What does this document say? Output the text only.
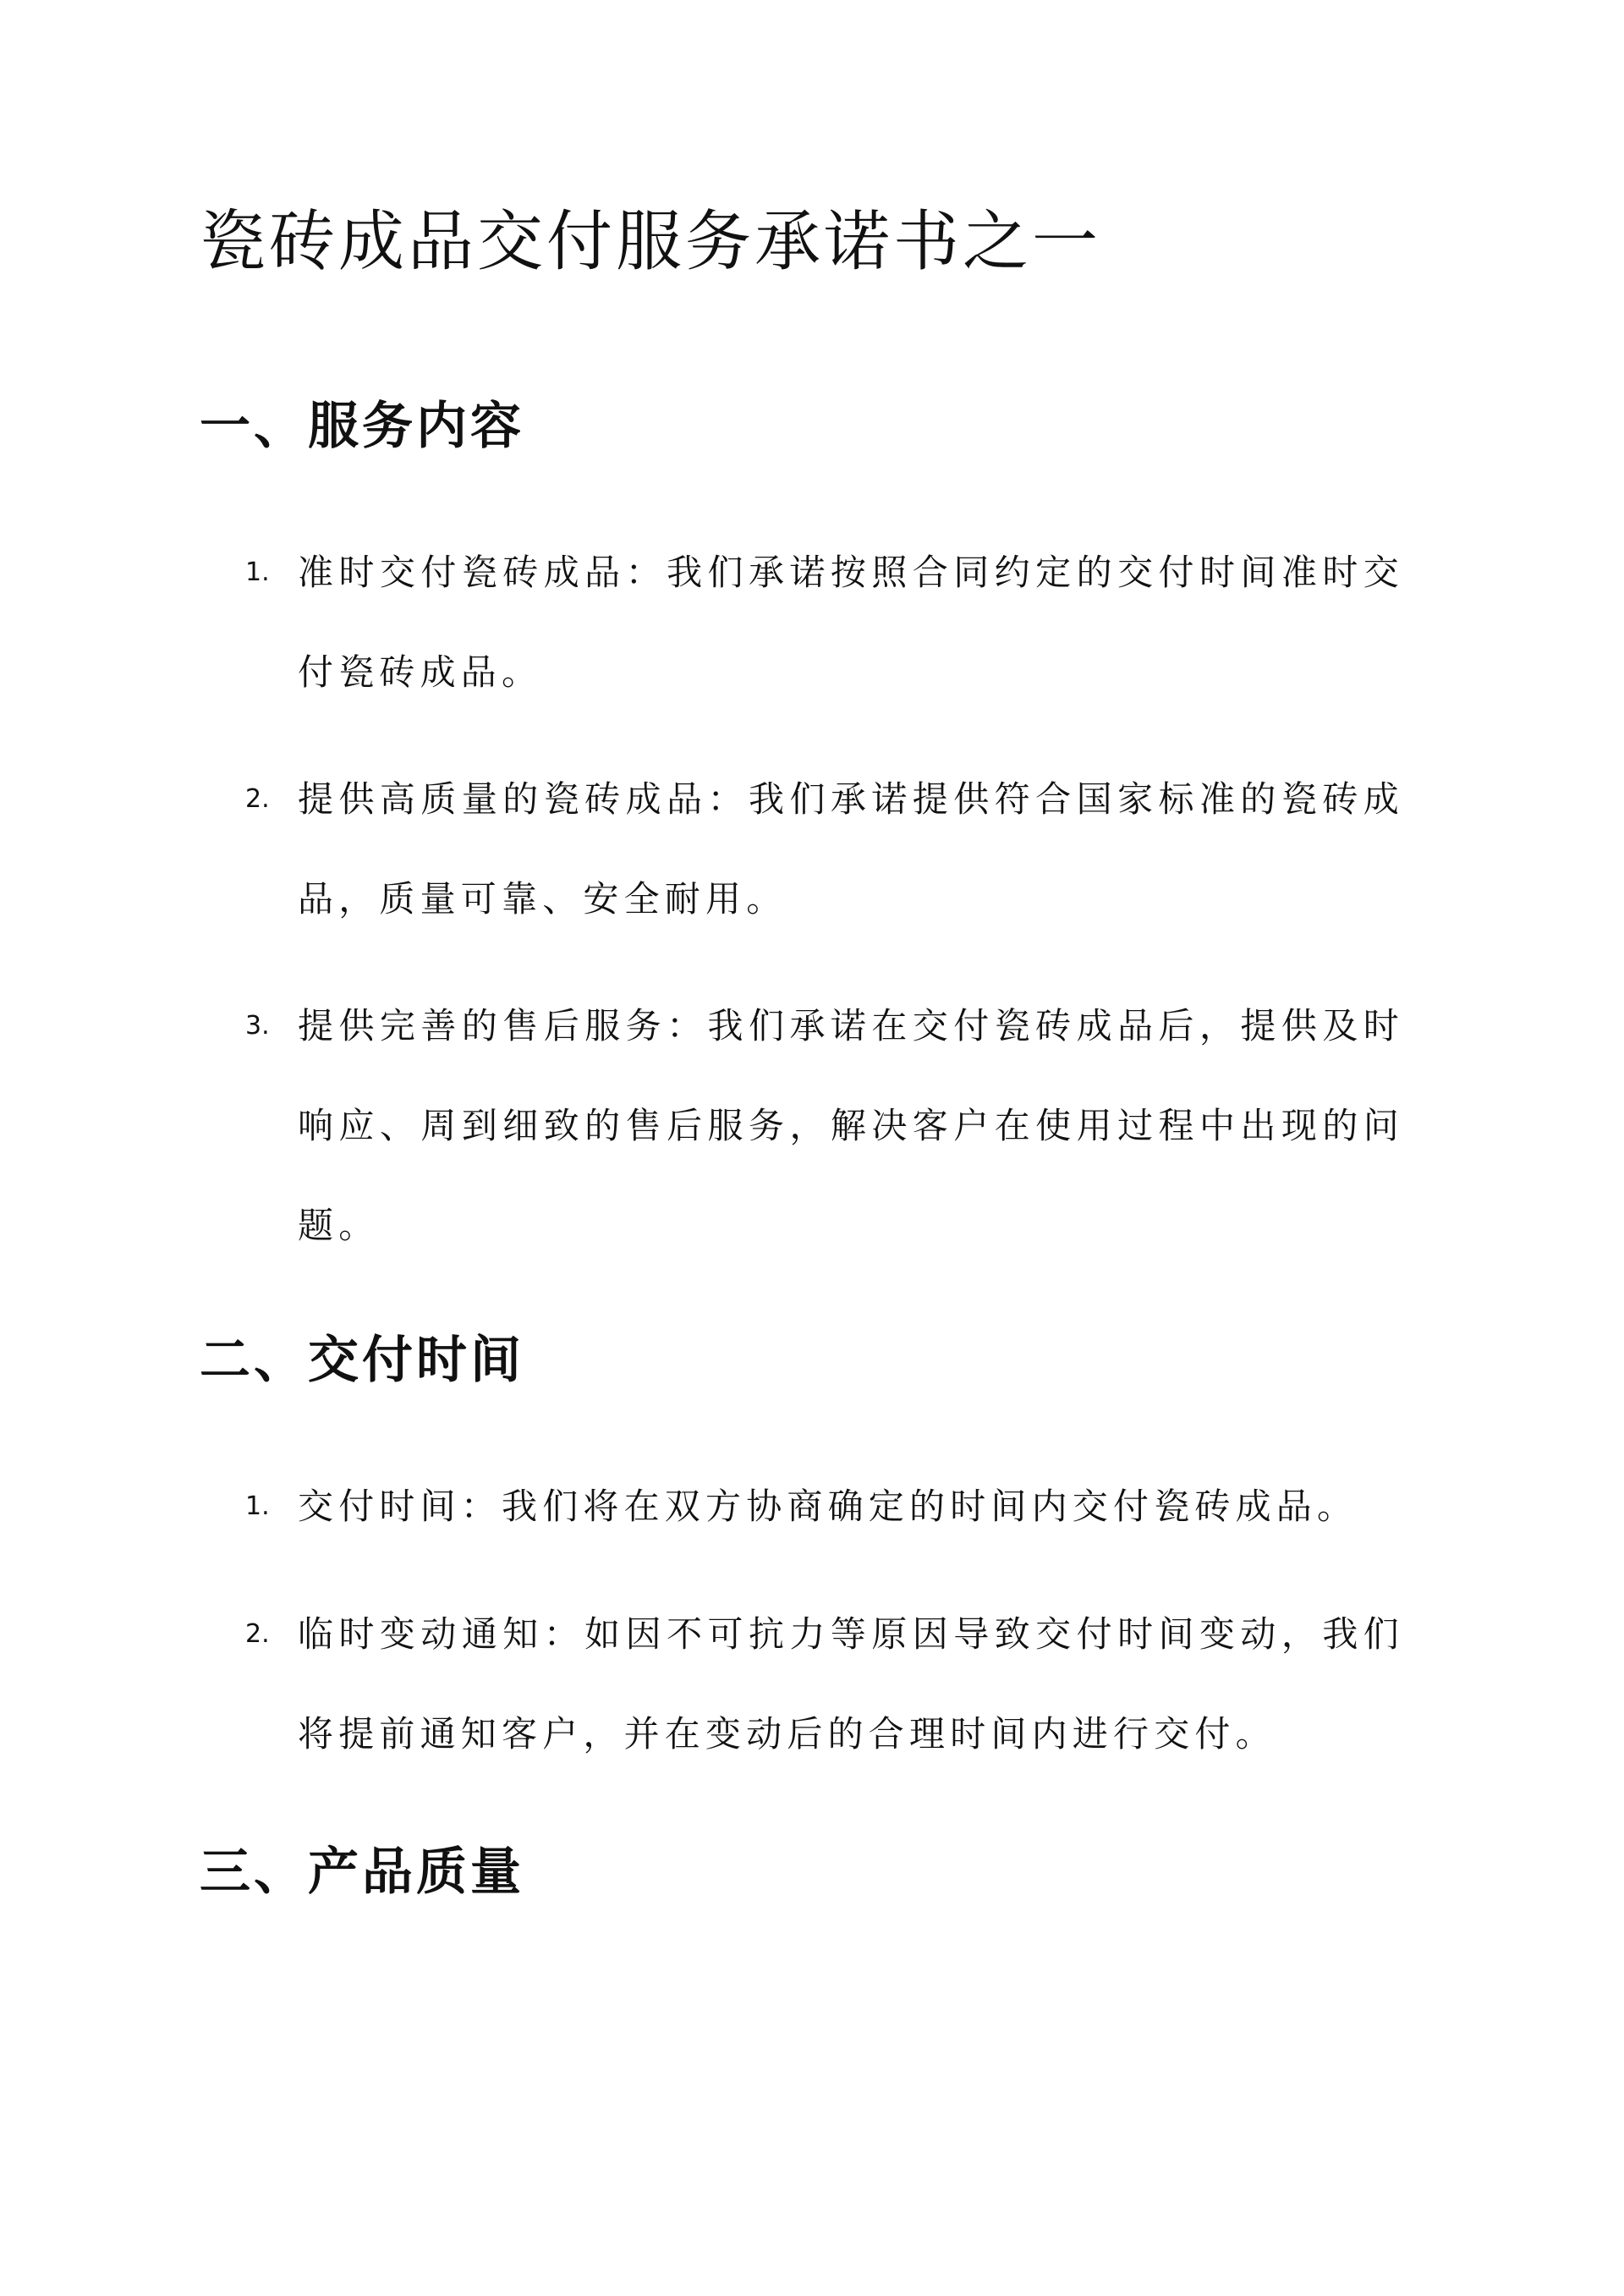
瓷砖成品交付服务承诺书之一
一、服务内容
1. 准时交付瓷砖成品：我们承诺按照合同约定的交付时间准时交付瓷砖成品。
2. 提供高质量的瓷砖成品：我们承诺提供符合国家标准的瓷砖成品，质量可靠、安全耐用。
3. 提供完善的售后服务：我们承诺在交付瓷砖成品后，提供及时响应、周到细致的售后服务，解决客户在使用过程中出现的问题。
二、交付时间
1. 交付时间：我们将在双方协商确定的时间内交付瓷砖成品。
2. 临时变动通知：如因不可抗力等原因导致交付时间变动，我们将提前通知客户，并在变动后的合理时间内进行交付。
三、产品质量
